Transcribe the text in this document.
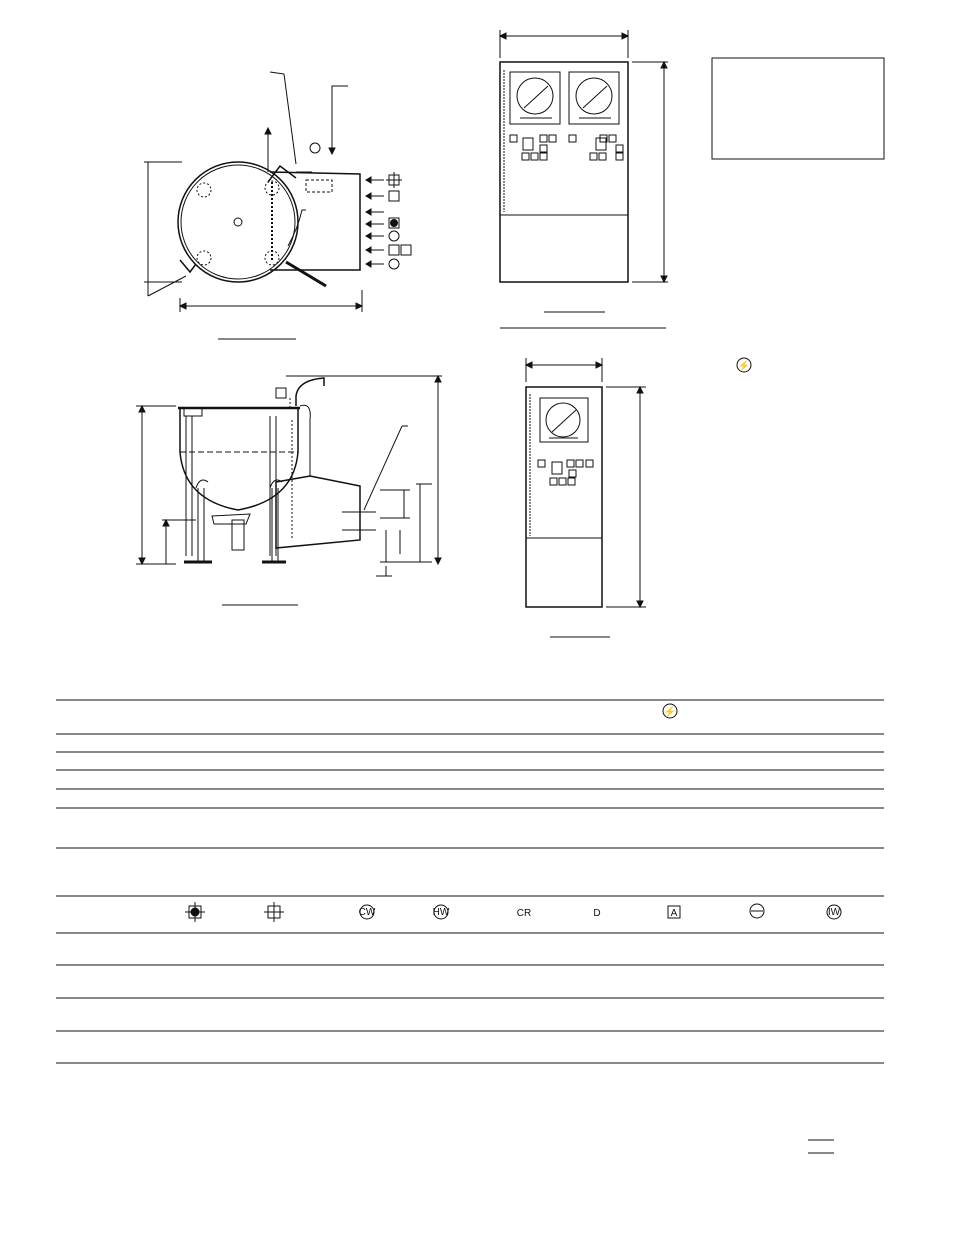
⚡
⚡
CW	HW	CR	D	A	IW
